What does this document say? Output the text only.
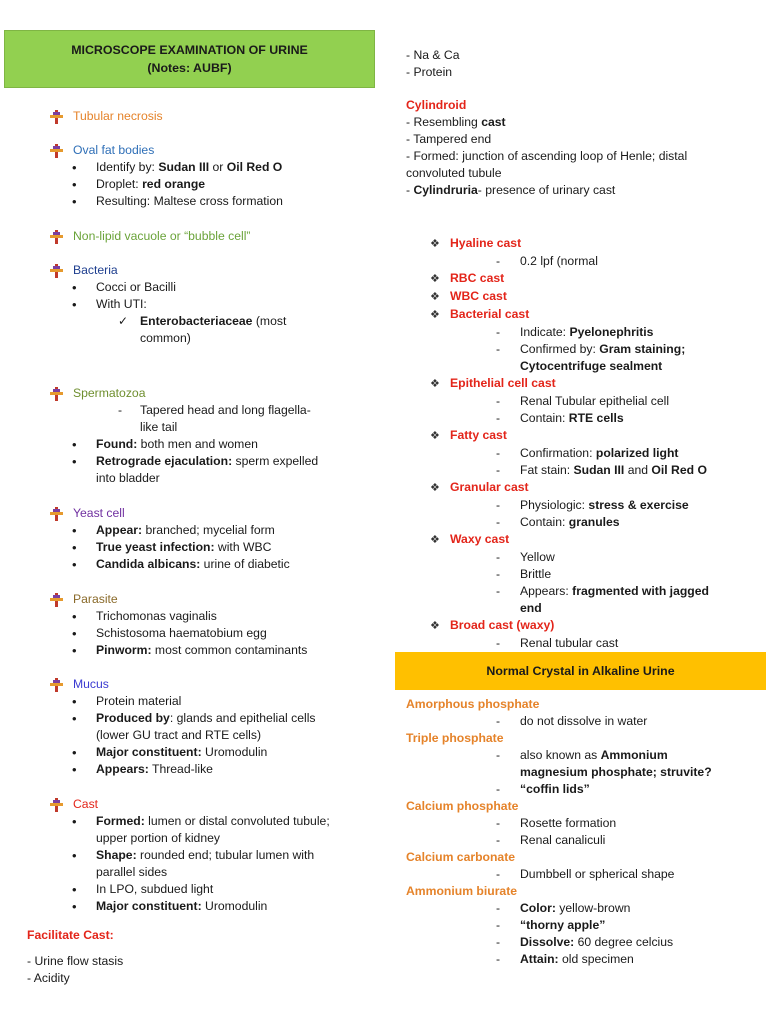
MICROSCOPE EXAMINATION OF URINE
(Notes: AUBF)
Tubular necrosis
Oval fat bodies
• Identify by: Sudan III or Oil Red O
• Droplet: red orange
• Resulting: Maltese cross formation
Non-lipid vacuole or “bubble cell”
Bacteria
• Cocci or Bacilli
• With UTI:
✓ Enterobacteriaceae (most
common)
Spermatozoa
- Tapered head and long flagella-
like tail
• Found: both men and women
• Retrograde ejaculation: sperm expelled
into bladder
Yeast cell
• Appear: branched; mycelial form
• True yeast infection: with WBC
• Candida albicans: urine of diabetic
Parasite
• Trichomonas vaginalis
• Schistosoma haematobium egg
• Pinworm: most common contaminants
Mucus
• Protein material
• Produced by: glands and epithelial cells
(lower GU tract and RTE cells)
• Major constituent: Uromodulin
• Appears: Thread-like
Cast
• Formed: lumen or distal convoluted tubule;
upper portion of kidney
• Shape: rounded end; tubular lumen with
parallel sides
• In LPO, subdued light
• Major constituent: Uromodulin
Facilitate Cast:
- Urine flow stasis
- Acidity
- Na & Ca
- Protein
Cylindroid
- Resembling cast
- Tampered end
- Formed: junction of ascending loop of Henle; distal
convoluted tubule
- Cylindruria- presence of urinary cast
❖ Hyaline cast
- 0.2 lpf (normal
❖ RBC cast
❖ WBC cast
❖ Bacterial cast
- Indicate: Pyelonephritis
- Confirmed by: Gram staining;
Cytocentrifuge sealment
❖ Epithelial cell cast
- Renal Tubular epithelial cell
- Contain: RTE cells
❖ Fatty cast
- Confirmation: polarized light
- Fat stain: Sudan III and Oil Red O
❖ Granular cast
- Physiologic: stress & exercise
- Contain: granules
❖ Waxy cast
- Yellow
- Brittle
- Appears: fragmented with jagged
end
❖ Broad cast (waxy)
- Renal tubular cast
Normal Crystal in Alkaline Urine
Amorphous phosphate
- do not dissolve in water
Triple phosphate
- also known as Ammonium
magnesium phosphate; struvite?
- “coffin lids”
Calcium phosphate
- Rosette formation
- Renal canaliculi
Calcium carbonate
- Dumbbell or spherical shape
Ammonium biurate
- Color: yellow-brown
- “thorny apple”
- Dissolve: 60 degree celcius
- Attain: old specimen
